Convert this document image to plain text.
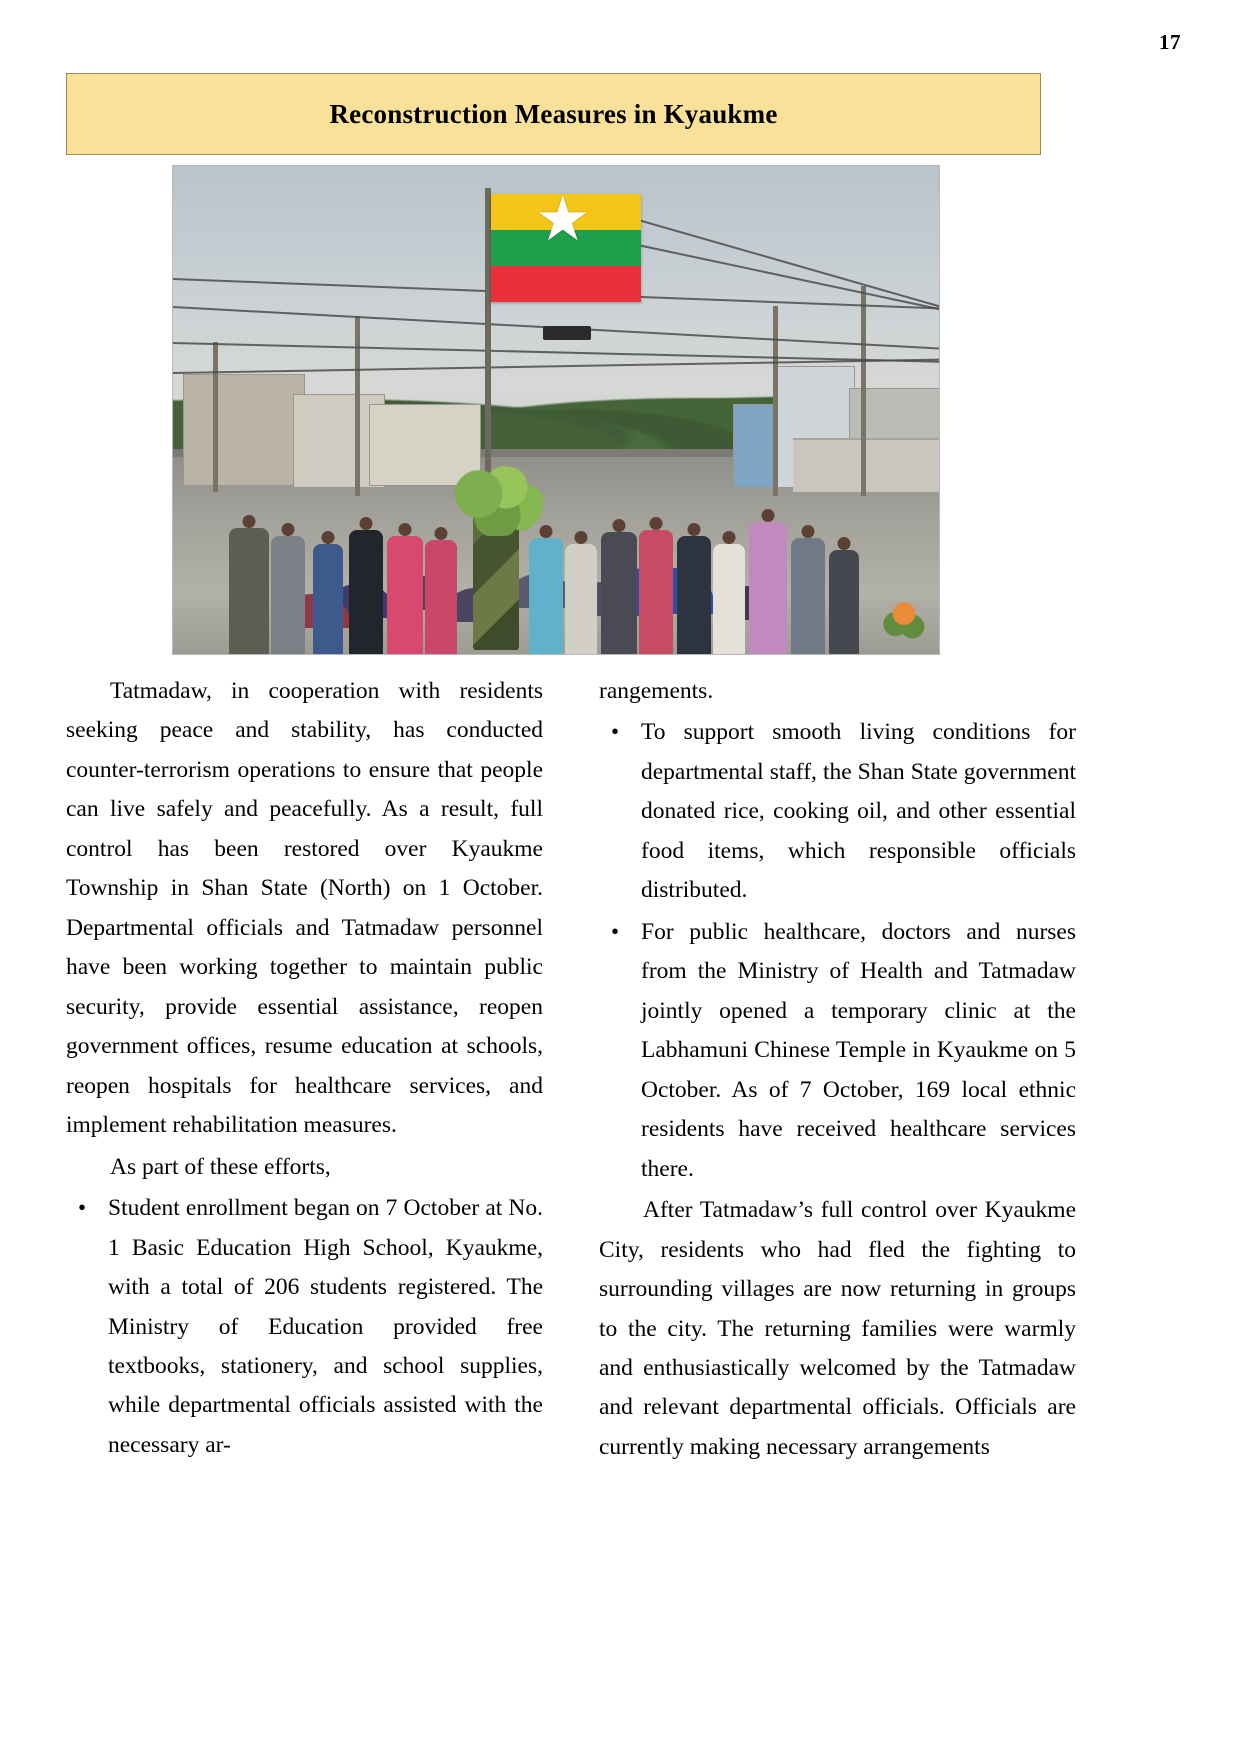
17
Reconstruction Measures in Kyaukme

Tatmadaw, in cooperation with residents seeking peace and stability, has conducted counter-terrorism operations to ensure that people can live safely and peacefully. As a result, full control has been restored over Kyaukme Township in Shan State (North) on 1 October. Departmental officials and Tatmadaw personnel have been working together to maintain public security, provide essential assistance, reopen government offices, resume education at schools, reopen hospitals for healthcare services, and implement rehabilitation measures.

As part of these efforts,

• Student enrollment began on 7 October at No. 1 Basic Education High School, Kyaukme, with a total of 206 students registered. The Ministry of Education provided free textbooks, stationery, and school supplies, while departmental officials assisted with the necessary ar-

rangements.

• To support smooth living conditions for departmental staff, the Shan State government donated rice, cooking oil, and other essential food items, which responsible officials distributed.
• For public healthcare, doctors and nurses from the Ministry of Health and Tatmadaw jointly opened a temporary clinic at the Labhamuni Chinese Temple in Kyaukme on 5 October. As of 7 October, 169 local ethnic residents have received healthcare services there.

After Tatmadaw’s full control over Kyaukme City, residents who had fled the fighting to surrounding villages are now returning in groups to the city. The returning families were warmly and enthusiastically welcomed by the Tatmadaw and relevant departmental officials. Officials are currently making necessary arrangements
